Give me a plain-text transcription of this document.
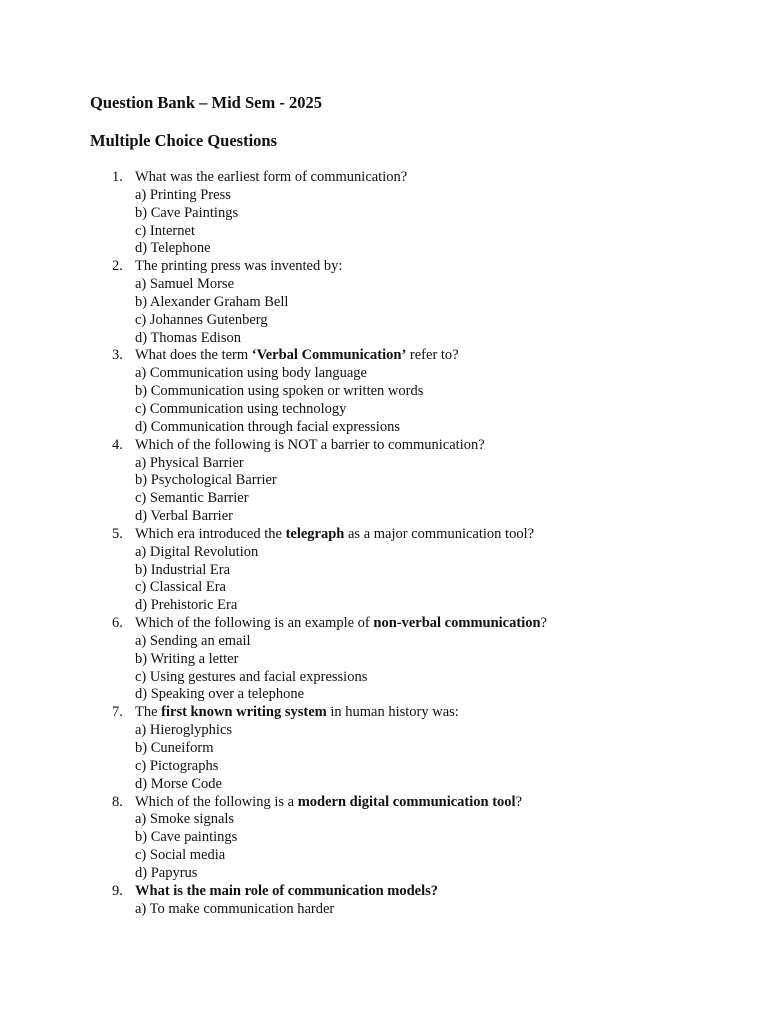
Question Bank – Mid Sem - 2025
Multiple Choice Questions
1. What was the earliest form of communication?
a) Printing Press
b) Cave Paintings
c) Internet
d) Telephone
2. The printing press was invented by:
a) Samuel Morse
b) Alexander Graham Bell
c) Johannes Gutenberg
d) Thomas Edison
3. What does the term ‘Verbal Communication’ refer to?
a) Communication using body language
b) Communication using spoken or written words
c) Communication using technology
d) Communication through facial expressions
4. Which of the following is NOT a barrier to communication?
a) Physical Barrier
b) Psychological Barrier
c) Semantic Barrier
d) Verbal Barrier
5. Which era introduced the telegraph as a major communication tool?
a) Digital Revolution
b) Industrial Era
c) Classical Era
d) Prehistoric Era
6. Which of the following is an example of non-verbal communication?
a) Sending an email
b) Writing a letter
c) Using gestures and facial expressions
d) Speaking over a telephone
7. The first known writing system in human history was:
a) Hieroglyphics
b) Cuneiform
c) Pictographs
d) Morse Code
8. Which of the following is a modern digital communication tool?
a) Smoke signals
b) Cave paintings
c) Social media
d) Papyrus
9. What is the main role of communication models?
a) To make communication harder
